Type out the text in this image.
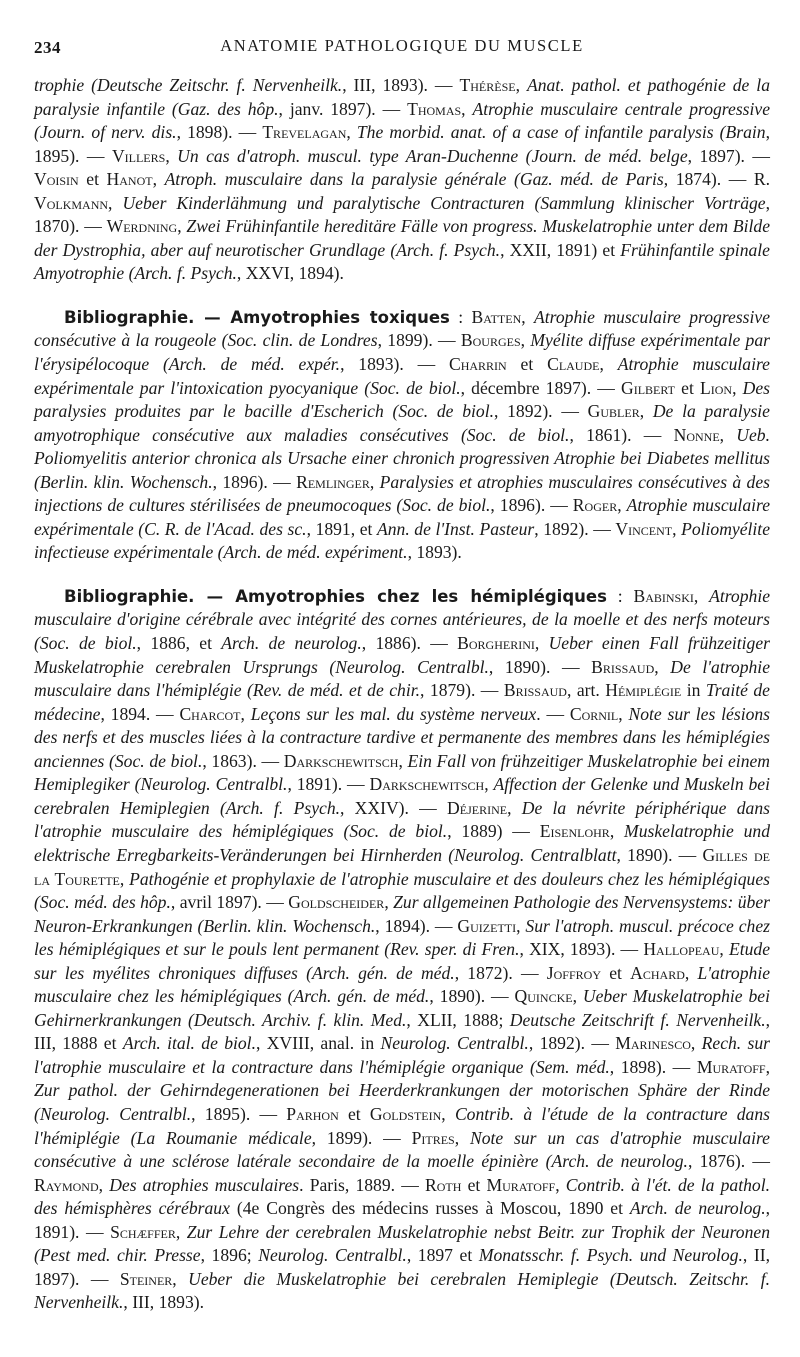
234	ANATOMIE PATHOLOGIQUE DU MUSCLE

trophie (Deutsche Zeitschr. f. Nervenheilk., III, 1893). — Thérèse, Anat. pathol. et pathogénie de la paralysie infantile (Gaz. des hôp., janv. 1897). — Thomas, Atrophie musculaire centrale progressive (Journ. of nerv. dis., 1898). — Trevelagan, The morbid. anat. of a case of infantile paralysis (Brain, 1895). — Villers, Un cas d'atroph. muscul. type Aran-Duchenne (Journ. de méd. belge, 1897). — Voisin et Hanot, Atroph. musculaire dans la paralysie générale (Gaz. méd. de Paris, 1874). — R. Volkmann, Ueber Kinderlähmung und paralytische Contracturen (Sammlung klinischer Vorträge, 1870). — Werdning, Zwei Frühinfantile hereditäre Fälle von progress. Muskelatrophie unter dem Bilde der Dystrophia, aber auf neurotischer Grundlage (Arch. f. Psych., XXII, 1891) et Frühinfantile spinale Amyotrophie (Arch. f. Psych., XXVI, 1894).

Bibliographie. — Amyotrophies toxiques : Batten, Atrophie musculaire progressive consécutive à la rougeole (Soc. clin. de Londres, 1899). — Bourges, Myélite diffuse expérimentale par l'érysipélocoque (Arch. de méd. expér., 1893). — Charrin et Claude, Atrophie musculaire expérimentale par l'intoxication pyocyanique (Soc. de biol., décembre 1897). — Gilbert et Lion, Des paralysies produites par le bacille d'Escherich (Soc. de biol., 1892). — Gubler, De la paralysie amyotrophique consécutive aux maladies consécutives (Soc. de biol., 1861). — Nonne, Ueb. Poliomyelitis anterior chronica als Ursache einer chronich progressiven Atrophie bei Diabetes mellitus (Berlin. klin. Wochensch., 1896). — Remlinger, Paralysies et atrophies musculaires consécutives à des injections de cultures stérilisées de pneumocoques (Soc. de biol., 1896). — Roger, Atrophie musculaire expérimentale (C. R. de l'Acad. des sc., 1891, et Ann. de l'Inst. Pasteur, 1892). — Vincent, Poliomyélite infectieuse expérimentale (Arch. de méd. expériment., 1893).

Bibliographie. — Amyotrophies chez les hémiplégiques : Babinski, Atrophie musculaire d'origine cérébrale avec intégrité des cornes antérieures, de la moelle et des nerfs moteurs (Soc. de biol., 1886, et Arch. de neurolog., 1886). — Borgherini, Ueber einen Fall frühzeitiger Muskelatrophie cerebralen Ursprungs (Neurolog. Centralbl., 1890). — Brissaud, De l'atrophie musculaire dans l'hémiplégie (Rev. de méd. et de chir., 1879). — Brissaud, art. Hémiplégie in Traité de médecine, 1894. — Charcot, Leçons sur les mal. du système nerveux. — Cornil, Note sur les lésions des nerfs et des muscles liées à la contracture tardive et permanente des membres dans les hémiplégies anciennes (Soc. de biol., 1863). — Darkschewitsch, Ein Fall von frühzeitiger Muskelatrophie bei einem Hemiplegiker (Neurolog. Centralbl., 1891). — Darkschewitsch, Affection der Gelenke und Muskeln bei cerebralen Hemiplegien (Arch. f. Psych., XXIV). — Déjerine, De la névrite périphérique dans l'atrophie musculaire des hémiplégiques (Soc. de biol., 1889) — Eisenlohr, Muskelatrophie und elektrische Erregbarkeits-Veränderungen bei Hirnherden (Neurolog. Centralblatt, 1890). — Gilles de la Tourette, Pathogénie et prophylaxie de l'atrophie musculaire et des douleurs chez les hémiplégiques (Soc. méd. des hôp., avril 1897). — Goldscheider, Zur allgemeinen Pathologie des Nervensystems: über Neuron-Erkrankungen (Berlin. klin. Wochensch., 1894). — Guizetti, Sur l'atroph. muscul. précoce chez les hémiplégiques et sur le pouls lent permanent (Rev. sper. di Fren., XIX, 1893). — Hallopeau, Etude sur les myélites chroniques diffuses (Arch. gén. de méd., 1872). — Joffroy et Achard, L'atrophie musculaire chez les hémiplégiques (Arch. gén. de méd., 1890). — Quincke, Ueber Muskelatrophie bei Gehirnerkrankungen (Deutsch. Archiv. f. klin. Med., XLII, 1888; Deutsche Zeitschrift f. Nervenheilk., III, 1888 et Arch. ital. de biol., XVIII, anal. in Neurolog. Centralbl., 1892). — Marinesco, Rech. sur l'atrophie musculaire et la contracture dans l'hémiplégie organique (Sem. méd., 1898). — Muratoff, Zur pathol. der Gehirndegenerationen bei Heerderkrankungen der motorischen Sphäre der Rinde (Neurolog. Centralbl., 1895). — Parhon et Goldstein, Contrib. à l'étude de la contracture dans l'hémiplégie (La Roumanie médicale, 1899). — Pitres, Note sur un cas d'atrophie musculaire consécutive à une sclérose latérale secondaire de la moelle épinière (Arch. de neurolog., 1876). — Raymond, Des atrophies musculaires. Paris, 1889. — Roth et Muratoff, Contrib. à l'ét. de la pathol. des hémisphères cérébraux (4e Congrès des médecins russes à Moscou, 1890 et Arch. de neurolog., 1891). — Schæffer, Zur Lehre der cerebralen Muskelatrophie nebst Beitr. zur Trophik der Neuronen (Pest med. chir. Presse, 1896; Neurolog. Centralbl., 1897 et Monatsschr. f. Psych. und Neurolog., II, 1897). — Steiner, Ueber die Muskelatrophie bei cerebralen Hemiplegie (Deutsch. Zeitschr. f. Nervenheilk., III, 1893).
